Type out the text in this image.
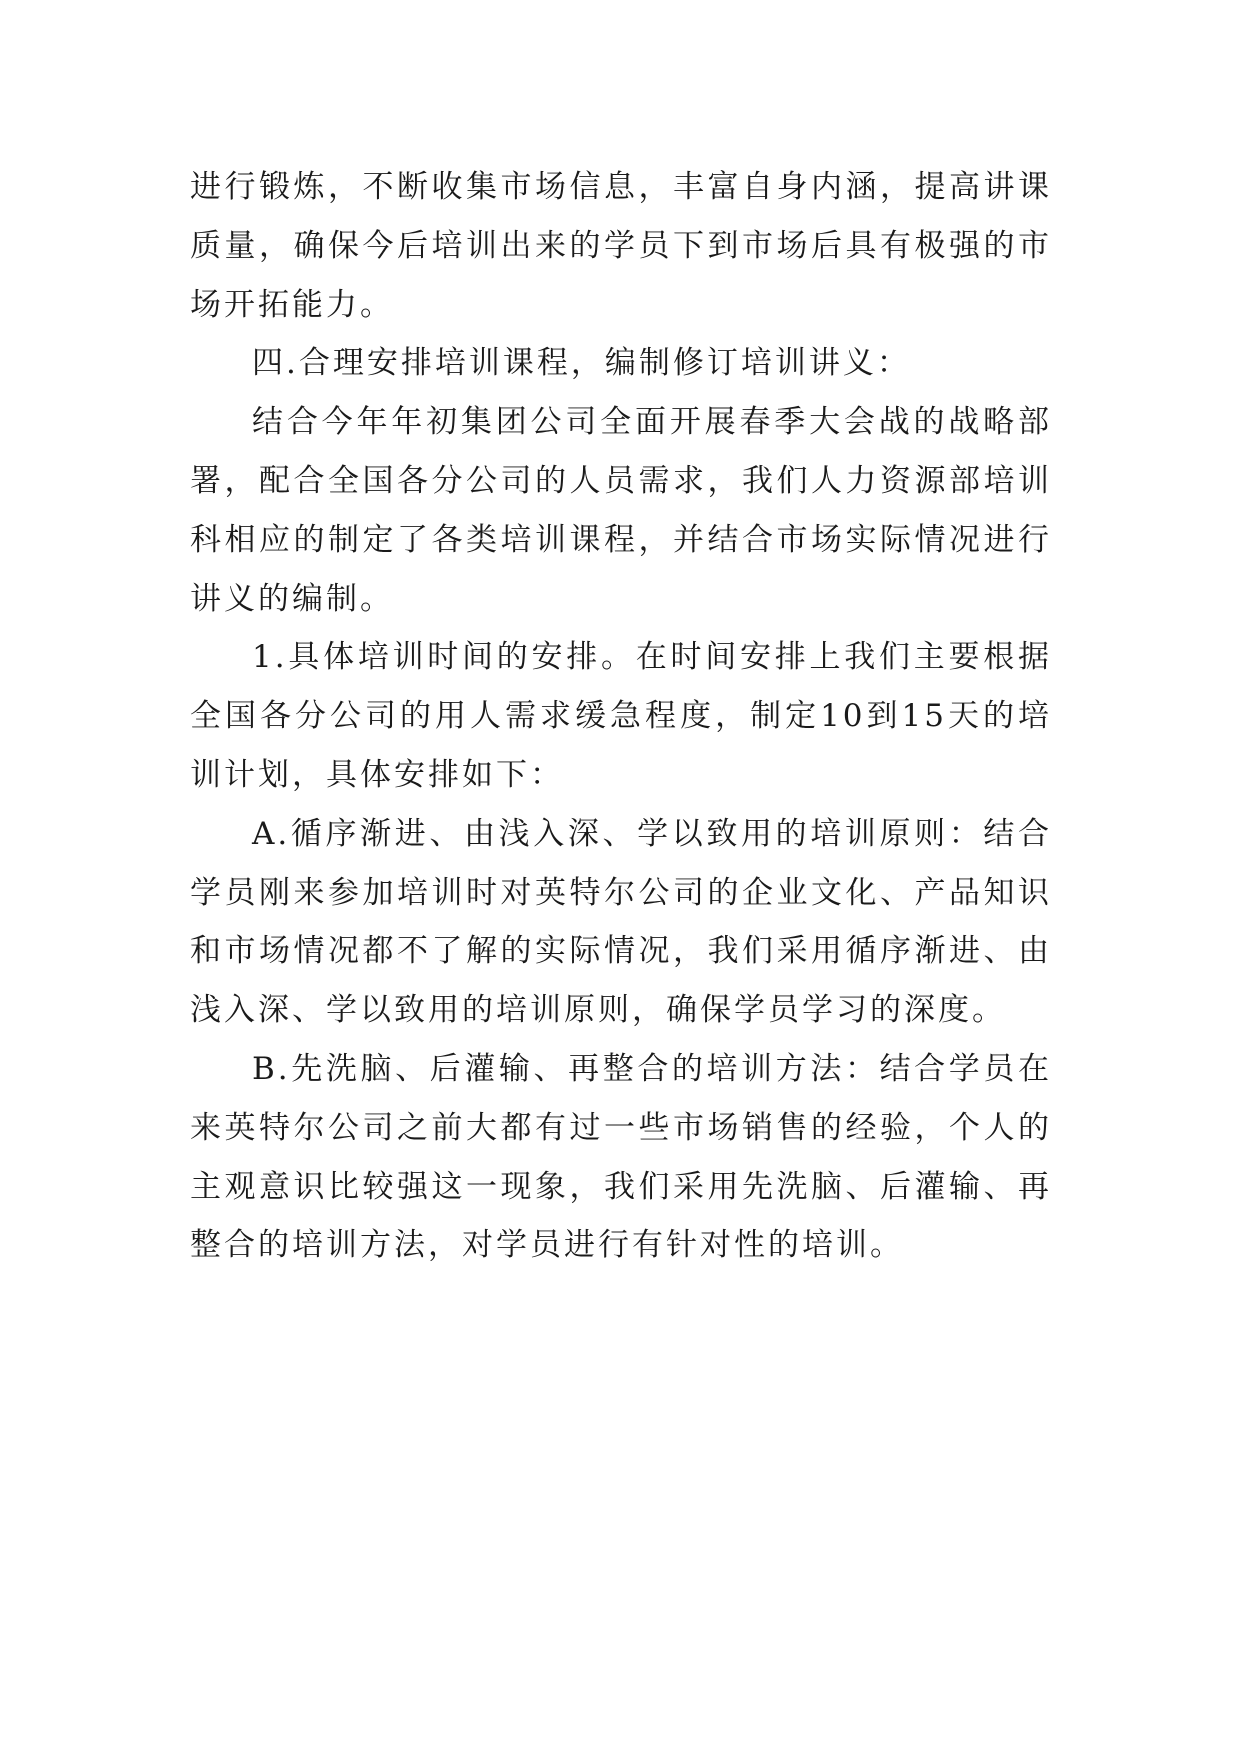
进行锻炼，不断收集市场信息，丰富自身内涵，提高讲课质量，确保今后培训出来的学员下到市场后具有极强的市场开拓能力。

四.合理安排培训课程，编制修订培训讲义：

结合今年年初集团公司全面开展春季大会战的战略部署，配合全国各分公司的人员需求，我们人力资源部培训科相应的制定了各类培训课程，并结合市场实际情况进行讲义的编制。

1.具体培训时间的安排。在时间安排上我们主要根据全国各分公司的用人需求缓急程度，制定10到15天的培训计划，具体安排如下：

A.循序渐进、由浅入深、学以致用的培训原则：结合学员刚来参加培训时对英特尔公司的企业文化、产品知识和市场情况都不了解的实际情况，我们采用循序渐进、由浅入深、学以致用的培训原则，确保学员学习的深度。

B.先洗脑、后灌输、再整合的培训方法：结合学员在来英特尔公司之前大都有过一些市场销售的经验，个人的主观意识比较强这一现象，我们采用先洗脑、后灌输、再整合的培训方法，对学员进行有针对性的培训。
